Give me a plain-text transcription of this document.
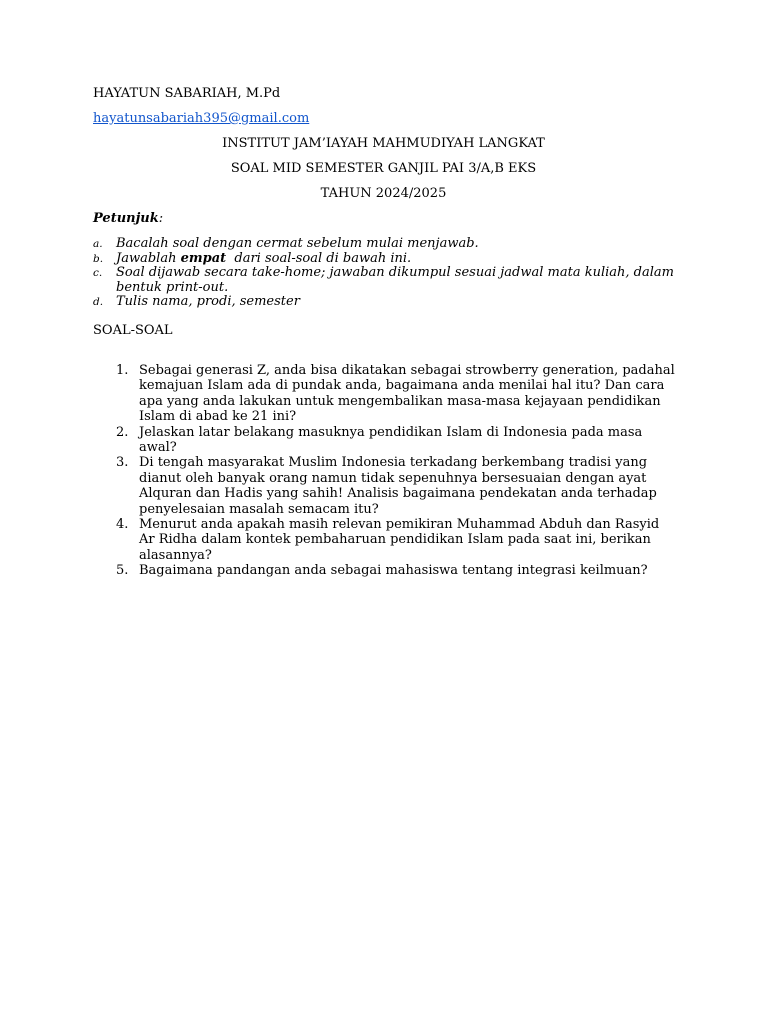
HAYATUN SABARIAH, M.Pd
hayatunsabariah395@gmail.com
INSTITUT JAM’IAYAH MAHMUDIYAH LANGKAT
SOAL MID SEMESTER GANJIL PAI 3/A,B EKS
TAHUN 2024/2025
Petunjuk:
a. Bacalah soal dengan cermat sebelum mulai menjawab.
b. Jawablah empat  dari soal-soal di bawah ini.
c. Soal dijawab secara take-home; jawaban dikumpul sesuai jadwal mata kuliah, dalam bentuk print-out.
d. Tulis nama, prodi, semester
SOAL-SOAL
1. Sebagai generasi Z, anda bisa dikatakan sebagai strowberry generation, padahal
kemajuan Islam ada di pundak anda, bagaimana anda menilai hal itu? Dan cara
apa yang anda lakukan untuk mengembalikan masa-masa kejayaan pendidikan
Islam di abad ke 21 ini?
2. Jelaskan latar belakang masuknya pendidikan Islam di Indonesia pada masa
awal?
3. Di tengah masyarakat Muslim Indonesia terkadang berkembang tradisi yang
dianut oleh banyak orang namun tidak sepenuhnya bersesuaian dengan ayat
Alquran dan Hadis yang sahih! Analisis bagaimana pendekatan anda terhadap
penyelesaian masalah semacam itu?
4. Menurut anda apakah masih relevan pemikiran Muhammad Abduh dan Rasyid
Ar Ridha dalam kontek pembaharuan pendidikan Islam pada saat ini, berikan
alasannya?
5. Bagaimana pandangan anda sebagai mahasiswa tentang integrasi keilmuan?
